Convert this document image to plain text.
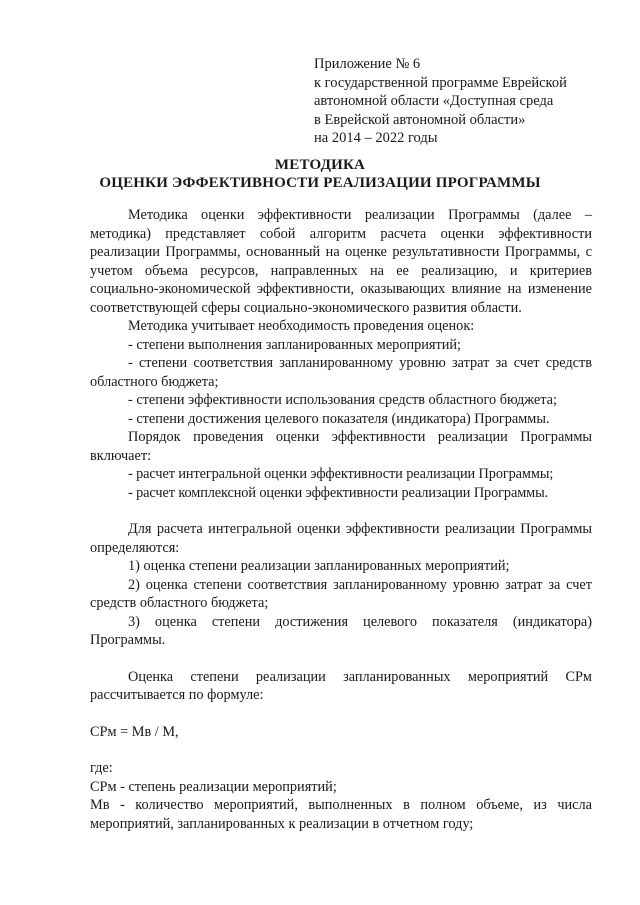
Приложение № 6
к государственной программе Еврейской
автономной области «Доступная среда
в Еврейской автономной области»
на 2014 – 2022 годы
МЕТОДИКА
ОЦЕНКИ ЭФФЕКТИВНОСТИ РЕАЛИЗАЦИИ ПРОГРАММЫ

Методика оценки эффективности реализации Программы (далее – методика) представляет собой алгоритм расчета оценки эффективности реализации Программы, основанный на оценке результативности Программы, с учетом объема ресурсов, направленных на ее реализацию, и критериев социально-экономической эффективности, оказывающих влияние на изменение соответствующей сферы социально-экономического развития области.

Методика учитывает необходимость проведения оценок:

- степени выполнения запланированных мероприятий;

- степени соответствия запланированному уровню затрат за счет средств областного бюджета;

- степени эффективности использования средств областного бюджета;

- степени достижения целевого показателя (индикатора) Программы.

Порядок проведения оценки эффективности реализации Программы включает:

- расчет интегральной оценки эффективности реализации Программы;

- расчет комплексной оценки эффективности реализации Программы.

Для расчета интегральной оценки эффективности реализации Программы определяются:

1) оценка степени реализации запланированных мероприятий;

2) оценка степени соответствия запланированному уровню затрат за счет средств областного бюджета;

3) оценка степени достижения целевого показателя (индикатора) Программы.

Оценка степени реализации запланированных мероприятий СРм рассчитывается по формуле:

СРм = Мв / М,

где:

СРм - степень реализации мероприятий;

Мв - количество мероприятий, выполненных в полном объеме, из числа мероприятий, запланированных к реализации в отчетном году;
